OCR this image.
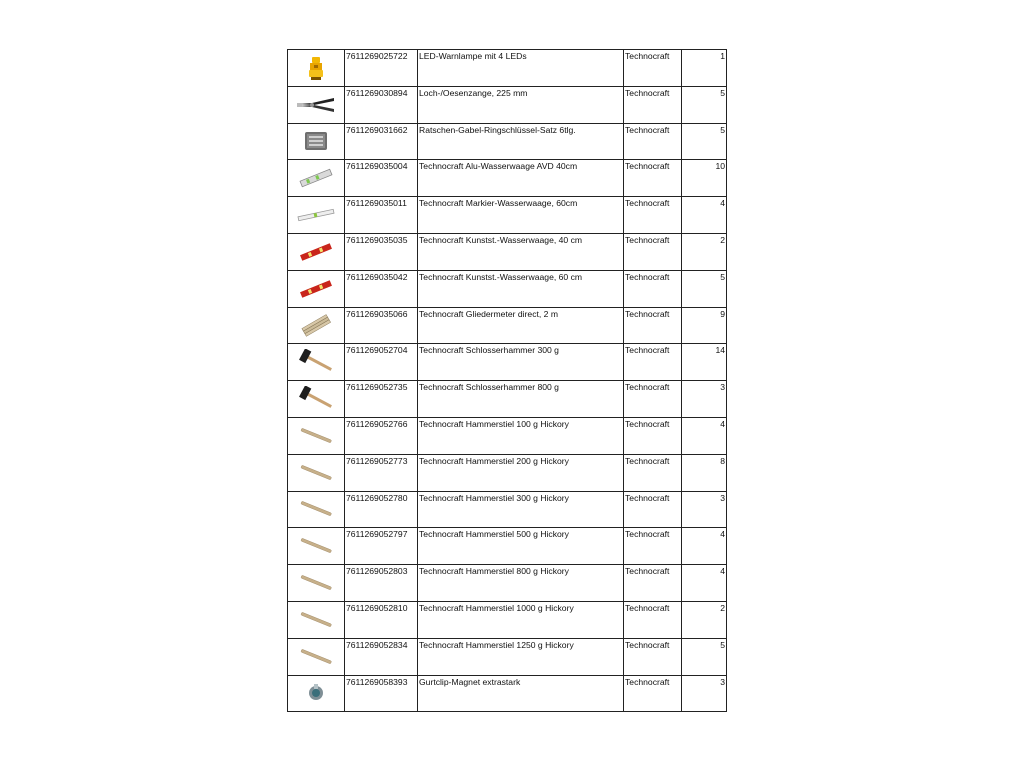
	7611269025722	LED-Warnlampe mit 4 LEDs	Technocraft	1

	7611269030894	Loch-/Oesenzange, 225 mm	Technocraft	5

	7611269031662	Ratschen-Gabel-Ringschlüssel-Satz 6tlg.	Technocraft	5

	7611269035004	Technocraft Alu-Wasserwaage AVD 40cm	Technocraft	10

	7611269035011	Technocraft Markier-Wasserwaage, 60cm	Technocraft	4

	7611269035035	Technocraft Kunstst.-Wasserwaage, 40 cm	Technocraft	2

	7611269035042	Technocraft Kunstst.-Wasserwaage, 60 cm	Technocraft	5

	7611269035066	Technocraft Gliedermeter direct, 2 m	Technocraft	9

	7611269052704	Technocraft Schlosserhammer 300 g	Technocraft	14

	7611269052735	Technocraft Schlosserhammer 800 g	Technocraft	3

	7611269052766	Technocraft Hammerstiel 100 g Hickory	Technocraft	4

	7611269052773	Technocraft Hammerstiel 200 g Hickory	Technocraft	8

	7611269052780	Technocraft Hammerstiel 300 g Hickory	Technocraft	3

	7611269052797	Technocraft Hammerstiel 500 g Hickory	Technocraft	4

	7611269052803	Technocraft Hammerstiel 800 g Hickory	Technocraft	4

	7611269052810	Technocraft Hammerstiel 1000 g Hickory	Technocraft	2

	7611269052834	Technocraft Hammerstiel 1250 g Hickory	Technocraft	5

	7611269058393	Gurtclip-Magnet extrastark	Technocraft	3
